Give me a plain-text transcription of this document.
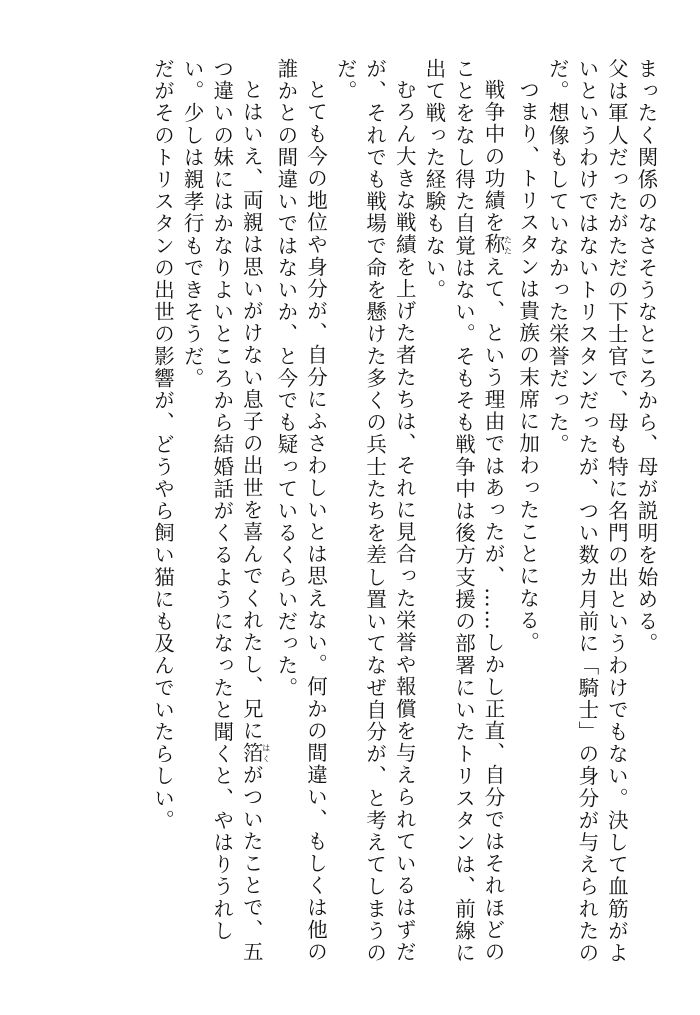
まったく関係のなさそうなところから、母が説明を始める。

父は軍人だったがただの下士官で、母も特に名門の出というわけでもない。決して血筋がよいというわけではないトリスタンだったが、つい数カ月前に「騎士」の身分が与えられたのだ。想像もしていなかった栄誉だった。

つまり、トリスタンは貴族の末席に加わったことになる。

戦争中の功績を称たたえて、という理由ではあったが、……しかし正直、自分ではそれほどのことをなし得た自覚はない。そもそも戦争中は後方支援の部署にいたトリスタンは、前線に出て戦った経験もない。

むろん大きな戦績を上げた者たちは、それに見合った栄誉や報償を与えられているはずだが、それでも戦場で命を懸けた多くの兵士たちを差し置いてなぜ自分が、と考えてしまうのだ。

とても今の地位や身分が、自分にふさわしいとは思えない。何かの間違い、もしくは他の誰かとの間違いではないか、と今でも疑っているくらいだった。

とはいえ、両親は思いがけない息子の出世を喜んでくれたし、兄に箔はくがついたことで、五つ違いの妹にはかなりよいところから結婚話がくるようになったと聞くと、やはりうれしい。少しは親孝行もできそうだ。

だがそのトリスタンの出世の影響が、どうやら飼い猫にも及んでいたらしい。
